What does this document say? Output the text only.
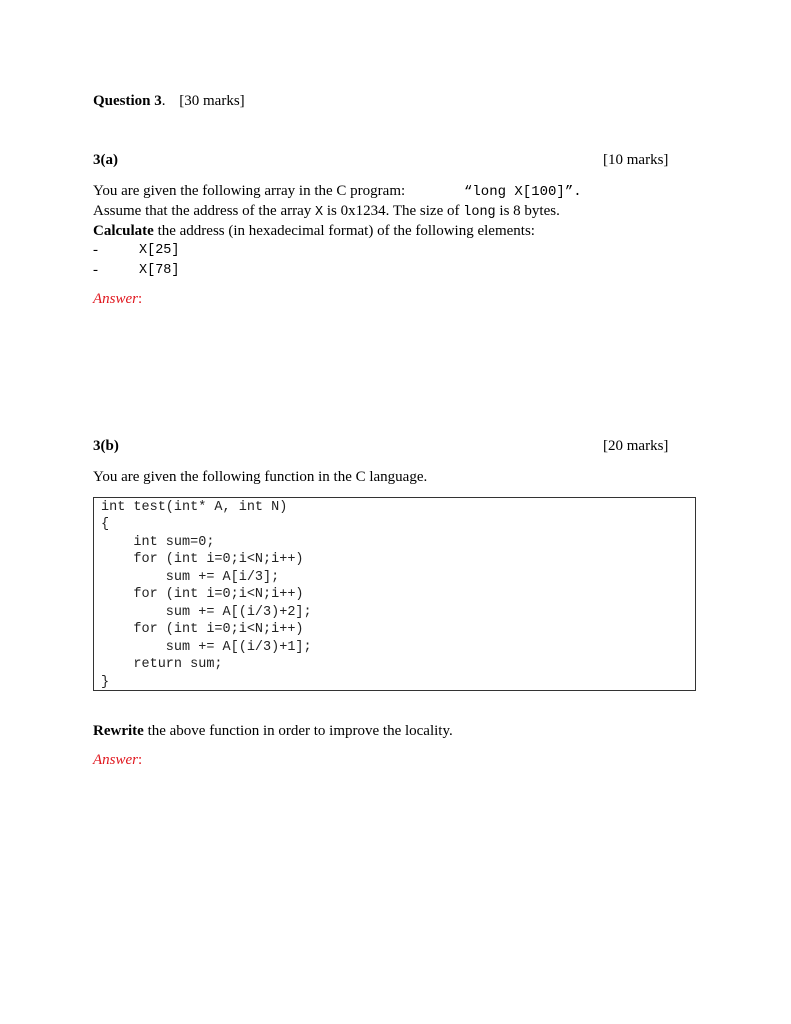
Question 3. [30 marks]
3(a)	[10 marks]
You are given the following array in the C program:	“long X[100]”.
Assume that the address of the array X is 0x1234. The size of long is 8 bytes.
Calculate the address (in hexadecimal format) of the following elements:
-	X[25]
-	X[78]
Answer:
3(b)	[20 marks]
You are given the following function in the C language.
int test(int* A, int N)
{
int sum=0;
for (int i=0;i<N;i++)
sum += A[i/3];
for (int i=0;i<N;i++)
sum += A[(i/3)+2];
for (int i=0;i<N;i++)
sum += A[(i/3)+1];
return sum;
}
Rewrite the above function in order to improve the locality.
Answer:
